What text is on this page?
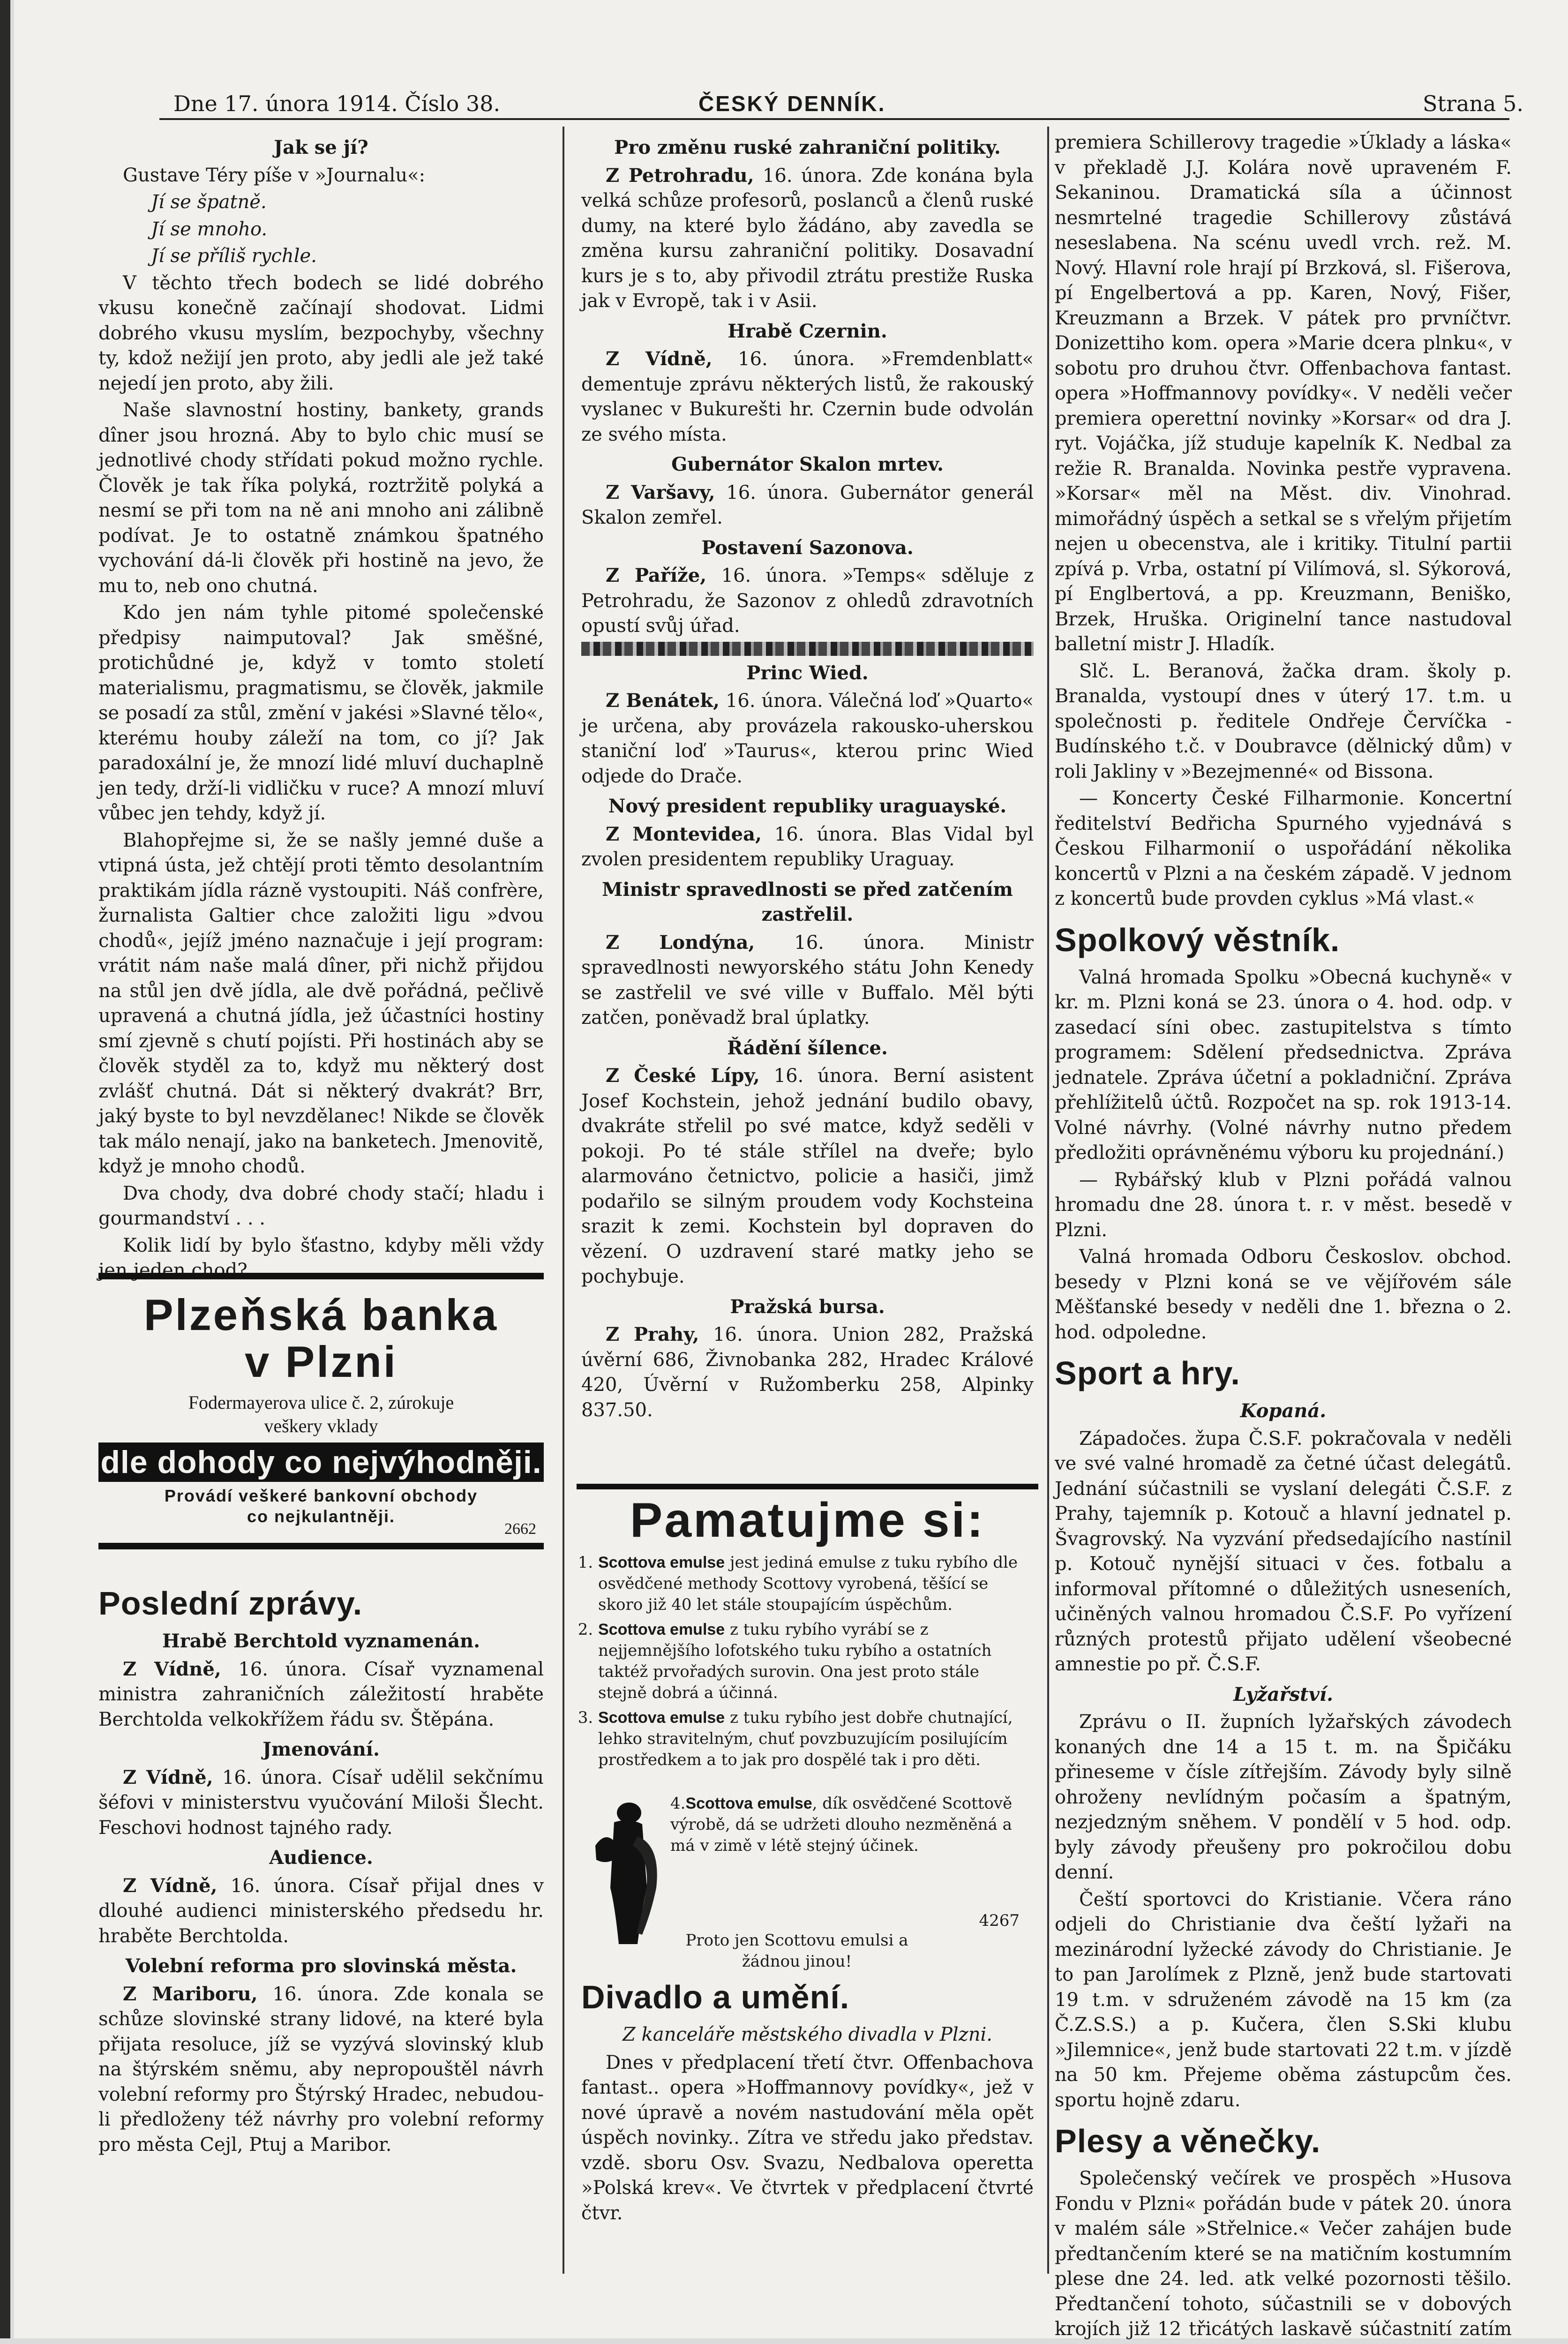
Dne 17. února 1914. Číslo 38.	ČESKÝ DENNÍK.	Strana 5.
Jak se jí?

Gustave Téry píše v »Journalu«:

Jí se špatně.

Jí se mnoho.

Jí se příliš rychle.

V těchto třech bodech se lidé dobrého vkusu konečně začínají shodovat. Lidmi dobrého vkusu myslím, bezpochyby, všechny ty, kdož nežijí jen proto, aby jedli ale jež také nejedí jen proto, aby žili.

Naše slavnostní hostiny, bankety, grands dîner jsou hrozná. Aby to bylo chic musí se jednotlivé chody střídati pokud možno rychle. Člověk je tak říka polyká, roztržitě polyká a nesmí se při tom na ně ani mnoho ani zálibně podívat. Je to ostatně známkou špatného vychování dá-li člověk při hostině na jevo, že mu to, neb ono chutná.

Kdo jen nám tyhle pitomé společenské předpisy naimputoval? Jak směšné, protichůdné je, když v tomto století materialismu, pragmatismu, se člověk, jakmile se posadí za stůl, změní v jakési »Slavné tělo«, kterému houby záleží na tom, co jí? Jak paradoxální je, že mnozí lidé mluví duchaplně jen tedy, drží-li vidličku v ruce? A mnozí mluví vůbec jen tehdy, když jí.

Blahopřejme si, že se našly jemné duše a vtipná ústa, jež chtějí proti těmto desolantním praktikám jídla rázně vystoupiti. Náš confrère, žurnalista Galtier chce založiti ligu »dvou chodů«, jejíž jméno naznačuje i její program: vrátit nám naše malá dîner, při nichž přijdou na stůl jen dvě jídla, ale dvě pořádná, pečlivě upravená a chutná jídla, jež účastníci hostiny smí zjevně s chutí pojísti. Při hostinách aby se člověk styděl za to, když mu některý dost zvlášť chutná. Dát si některý dvakrát? Brr, jaký byste to byl nevzdělanec! Nikde se člověk tak málo nenají, jako na banketech. Jmenovitě, když je mnoho chodů.

Dva chody, dva dobré chody stačí; hladu i gourmandství . . .

Kolik lidí by bylo šťastno, kdyby měli vždy jen jeden chod? . . . .

Plzeňská banka
v Plzni
Fodermayerova ulice č. 2, zúrokuje
veškery vklady
dle dohody co nejvýhodněji.
Provádí veškeré bankovní obchody
co nejkulantněji.
2662
Poslední zprávy.
Hrabě Berchtold vyznamenán.

Z Vídně, 16. února. Císař vyznamenal ministra zahraničních záležitostí hraběte Berchtolda velkokřížem řádu sv. Štěpána.

Jmenování.

Z Vídně, 16. února. Císař udělil sekčnímu šéfovi v ministerstvu vyučování Miloši Šlecht. Feschovi hodnost tajného rady.

Audience.

Z Vídně, 16. února. Císař přijal dnes v dlouhé audienci ministerského předsedu hr. hraběte Berchtolda.

Volební reforma pro slovinská města.

Z Mariboru, 16. února. Zde konala se schůze slovinské strany lidové, na které byla přijata resoluce, jíž se vyzývá slovinský klub na štýrském sněmu, aby nepropouštěl návrh volební reformy pro Štýrský Hradec, nebudou-li předloženy též návrhy pro volební reformy pro města Cejl, Ptuj a Maribor.

Pro změnu ruské zahraniční politiky.

Z Petrohradu, 16. února. Zde konána byla velká schůze profesorů, poslanců a členů ruské dumy, na které bylo žádáno, aby zavedla se změna kursu zahraniční politiky. Dosavadní kurs je s to, aby přivodil ztrátu prestiže Ruska jak v Evropě, tak i v Asii.

Hrabě Czernin.

Z Vídně, 16. února. »Fremdenblatt« dementuje zprávu některých listů, že rakouský vyslanec v Bukurešti hr. Czernin bude odvolán ze svého místa.

Gubernátor Skalon mrtev.

Z Varšavy, 16. února. Gubernátor generál Skalon zemřel.

Postavení Sazonova.

Z Paříže, 16. února. »Temps« sděluje z Petrohradu, že Sazonov z ohledů zdravotních opustí svůj úřad.

Princ Wied.

Z Benátek, 16. února. Válečná loď »Quarto« je určena, aby provázela rakousko-uherskou staniční loď »Taurus«, kterou princ Wied odjede do Drače.

Nový president republiky uraguayské.

Z Montevidea, 16. února. Blas Vidal byl zvolen presidentem republiky Uraguay.

Ministr spravedlnosti se před zatčením zastřelil.

Z Londýna, 16. února. Ministr spravedlnosti newyorského státu John Kenedy se zastřelil ve své ville v Buffalo. Měl býti zatčen, poněvadž bral úplatky.

Řádění šílence.

Z České Lípy, 16. února. Berní asistent Josef Kochstein, jehož jednání budilo obavy, dvakráte střelil po své matce, když seděli v pokoji. Po té stále střílel na dveře; bylo alarmováno četnictvo, policie a hasiči, jimž podařilo se silným proudem vody Kochsteina srazit k zemi. Kochstein byl dopraven do vězení. O uzdravení staré matky jeho se pochybuje.

Pražská bursa.

Z Prahy, 16. února. Union 282, Pražská úvěrní 686, Živnobanka 282, Hradec Králové 420, Úvěrní v Ružomberku 258, Alpinky 837.50.

Pamatujme si:
1. Scottova emulse jest jediná emulse z tuku rybího dle osvědčené methody Scottovy vyrobená, těšící se skoro již 40 let stále stoupajícím úspěchům.
2. Scottova emulse z tuku rybího vyrábí se z nejjemnějšího lofotského tuku rybího a ostatních taktéž prvořadých surovin. Ona jest proto stále stejně dobrá a účinná.
3. Scottova emulse z tuku rybího jest dobře chutnající, lehko stravitelným, chuť povzbuzujícím posilujícím prostředkem a to jak pro dospělé tak i pro děti.
4.Scottova emulse, dík osvědčené Scottově výrobě, dá se udržeti dlouho nezměněná a má v zimě v létě stejný účinek.
4267
Proto jen Scottovu emulsi a žádnou jinou!
Divadlo a umění.
Z kanceláře městského divadla v Plzni.

Dnes v předplacení třetí čtvr. Offenbachova fantast.. opera »Hoffmannovy povídky«, jež v nové úpravě a novém nastudování měla opět úspěch novinky.. Zítra ve středu jako představ. vzdě. sboru Osv. Svazu, Nedbalova operetta »Polská krev«. Ve čtvrtek v předplacení čtvrté čtvr.

premiera Schillerovy tragedie »Úklady a láska« v překladě J.J. Kolára nově upraveném F. Sekaninou. Dramatická síla a účinnost nesmrtelné tragedie Schillerovy zůstává neseslabena. Na scénu uvedl vrch. rež. M. Nový. Hlavní role hrají pí Brzková, sl. Fišerova, pí Engelbertová a pp. Karen, Nový, Fišer, Kreuzmann a Brzek. V pátek pro prvníčtvr. Donizettiho kom. opera »Marie dcera plnku«, v sobotu pro druhou čtvr. Offenbachova fantast. opera »Hoffmannovy povídky«. V neděli večer premiera operettní novinky »Korsar« od dra J. ryt. Vojáčka, jíž studuje kapelník K. Nedbal za režie R. Branalda. Novinka pestře vypravena. »Korsar« měl na Měst. div. Vinohrad. mimořádný úspěch a setkal se s vřelým přijetím nejen u obecenstva, ale i kritiky. Titulní partii zpívá p. Vrba, ostatní pí Vilímová, sl. Sýkorová, pí Englbertová, a pp. Kreuzmann, Beniško, Brzek, Hruška. Originelní tance nastudoval balletní mistr J. Hladík.

Slč. L. Beranová, žačka dram. školy p. Branalda, vystoupí dnes v úterý 17. t.m. u společnosti p. ředitele Ondřeje Červíčka - Budínského t.č. v Doubravce (dělnický dům) v roli Jakliny v »Bezejmenné« od Bissona.

— Koncerty České Filharmonie. Koncertní ředitelství Bedřicha Spurného vyjednává s Českou Filharmonií o uspořádání několika koncertů v Plzni a na českém západě. V jednom z koncertů bude provden cyklus »Má vlast.«

Spolkový věstník.

Valná hromada Spolku »Obecná kuchyně« v kr. m. Plzni koná se 23. února o 4. hod. odp. v zasedací síni obec. zastupitelstva s tímto programem: Sdělení předsednictva. Zpráva jednatele. Zpráva účetní a pokladniční. Zpráva přehlížitelů účtů. Rozpočet na sp. rok 1913-14. Volné návrhy. (Volné návrhy nutno předem předložiti oprávněnému výboru ku projednání.)

— Rybářský klub v Plzni pořádá valnou hromadu dne 28. února t. r. v měst. besedě v Plzni.

Valná hromada Odboru Českoslov. obchod. besedy v Plzni koná se ve vějířovém sále Měšťanské besedy v neděli dne 1. března o 2. hod. odpoledne.

Sport a hry.
Kopaná.

Západočes. župa Č.S.F. pokračovala v neděli ve své valné hromadě za četné účast delegátů. Jednání súčastnili se vyslaní delegáti Č.S.F. z Prahy, tajemník p. Kotouč a hlavní jednatel p. Švagrovský. Na vyzvání předsedajícího nastínil p. Kotouč nynější situaci v čes. fotbalu a informoval přítomné o důležitých usneseních, učiněných valnou hromadou Č.S.F. Po vyřízení různých protestů přijato udělení všeobecné amnestie po př. Č.S.F.

Lyžařství.

Zprávu o II. župních lyžařských závodech konaných dne 14 a 15 t. m. na Špičáku přineseme v čísle zítřejším. Závody byly silně ohroženy nevlídným počasím a špatným, nezjedzným sněhem. V pondělí v 5 hod. odp. byly závody přeušeny pro pokročilou dobu denní.

Čeští sportovci do Kristianie. Včera ráno odjeli do Christianie dva čeští lyžaři na mezinárodní lyžecké závody do Christianie. Je to pan Jarolímek z Plzně, jenž bude startovati 19 t.m. v sdruženém závodě na 15 km (za Č.Z.S.S.) a p. Kučera, člen S.Ski klubu »Jilemnice«, jenž bude startovati 22 t.m. v jízdě na 50 km. Přejeme oběma zástupcům čes. sportu hojně zdaru.

Plesy a věnečky.

Společenský večírek ve prospěch »Husova Fondu v Plzni« pořádán bude v pátek 20. února v malém sále »Střelnice.« Večer zahájen bude předtančením které se na matičním kostumním plese dne 24. led. atk velké pozornosti těšilo. Předtančení tohoto, súčastnili se v dobových krojích již 12 třicátých laskavě súčastnití zatím
